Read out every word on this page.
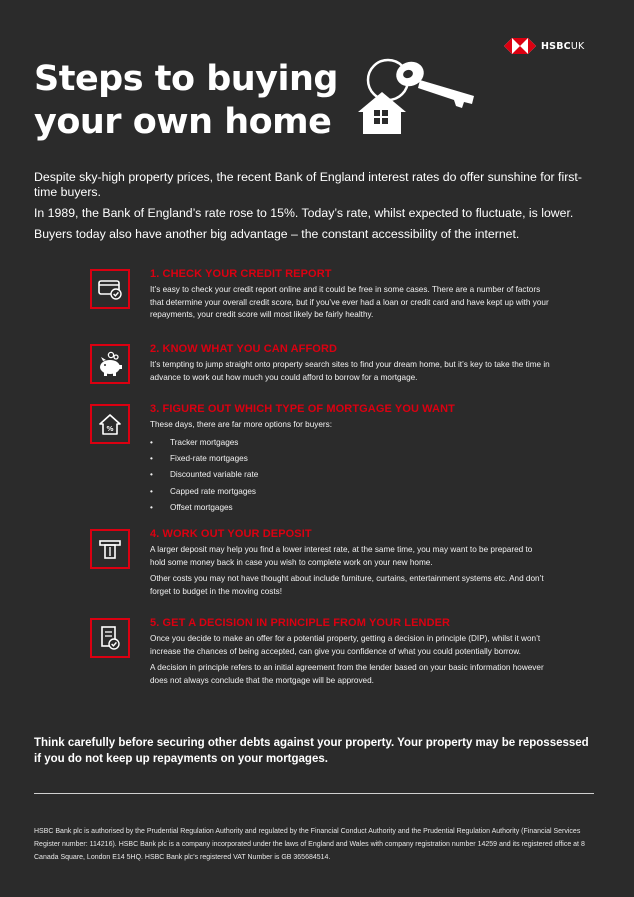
HSBCUK
Steps to buying
your own home

Despite sky-high property prices, the recent Bank of England interest rates do offer sunshine for first-time buyers.

In 1989, the Bank of England’s rate rose to 15%. Today’s rate, whilst expected to fluctuate, is lower.

Buyers today also have another big advantage – the constant accessibility of the internet.

1. CHECK YOUR CREDIT REPORT

It’s easy to check your credit report online and it could be free in some cases. There are a number of factors that determine your overall credit score, but if you’ve ever had a loan or credit card and have kept up with your repayments, your credit score will most likely be fairly healthy.

2. KNOW WHAT YOU CAN AFFORD

It’s tempting to jump straight onto property search sites to find your dream home, but it’s key to take the time in advance to work out how much you could afford to borrow for a mortgage.

%

3. FIGURE OUT WHICH TYPE OF MORTGAGE YOU WANT

These days, there are far more options for buyers:

• Tracker mortgages
• Fixed-rate mortgages
• Discounted variable rate
• Capped rate mortgages
• Offset mortgages

4. WORK OUT YOUR DEPOSIT

A larger deposit may help you find a lower interest rate, at the same time, you may want to be prepared to hold some money back in case you wish to complete work on your new home.

Other costs you may not have thought about include furniture, curtains, entertainment systems etc. And don’t forget to budget in the moving costs!

5. GET A DECISION IN PRINCIPLE FROM YOUR LENDER

Once you decide to make an offer for a potential property, getting a decision in principle (DIP), whilst it won’t increase the chances of being accepted, can give you confidence of what you could potentially borrow.

A decision in principle refers to an initial agreement from the lender based on your basic information however does not always conclude that the mortgage will be approved.

Think carefully before securing other debts against your property. Your property may be repossessed if you do not keep up repayments on your mortgages.

HSBC Bank plc is authorised by the Prudential Regulation Authority and regulated by the Financial Conduct Authority and the Prudential Regulation Authority (Financial Services Register number: 114216). HSBC Bank plc is a company incorporated under the laws of England and Wales with company registration number 14259 and its registered office at 8 Canada Square, London E14 5HQ. HSBC Bank plc’s registered VAT Number is GB 365684514.
